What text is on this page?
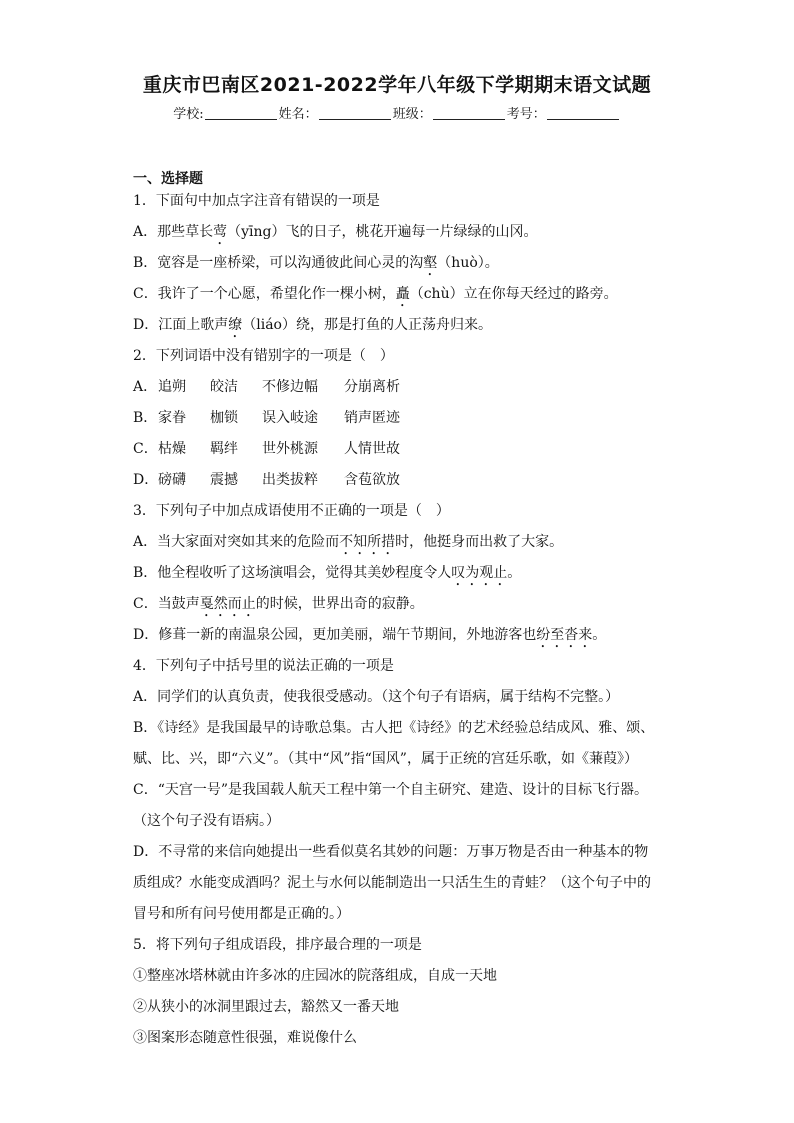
重庆市巴南区2021-2022学年八年级下学期期末语文试题
学校:	姓名：	班级：	考号：
一、选择题
1．下面句中加点字注音有错误的一项是
A．那些草长莺（yīng）飞的日子，桃花开遍每一片绿绿的山冈。
B．宽容是一座桥梁，可以沟通彼此间心灵的沟壑（huò）。
C．我许了一个心愿，希望化作一棵小树，矗（chù）立在你每天经过的路旁。
D．江面上歌声缭（liáo）绕，那是打鱼的人正荡舟归来。
2．下列词语中没有错别字的一项是（　）
A．追朔 皎洁 不修边幅 分崩离析
B．家眷 枷锁 误入岐途 销声匿迹
C．枯燥 羁绊 世外桃源 人情世故
D．磅礴 震撼 出类拔粹 含苞欲放
3．下列句子中加点成语使用不正确的一项是（　）
A．当大家面对突如其来的危险而不知所措时，他挺身而出救了大家。
B．他全程收听了这场演唱会，觉得其美妙程度令人叹为观止。
C．当鼓声戛然而止的时候，世界出奇的寂静。
D．修葺一新的南温泉公园，更加美丽，端午节期间，外地游客也纷至沓来。
4．下列句子中括号里的说法正确的一项是
A．同学们的认真负责，使我很受感动。（这个句子有语病，属于结构不完整。）
B．《诗经》是我国最早的诗歌总集。古人把《诗经》的艺术经验总结成风、雅、颂、
赋、比、兴，即“六义”。（其中“风”指“国风”，属于正统的宫廷乐歌，如《蒹葭》）
C．“天宫一号”是我国载人航天工程中第一个自主研究、建造、设计的目标飞行器。
（这个句子没有语病。）
D．不寻常的来信向她提出一些看似莫名其妙的问题：万事万物是否由一种基本的物
质组成？水能变成酒吗？泥土与水何以能制造出一只活生生的青蛙？（这个句子中的
冒号和所有问号使用都是正确的。）
5．将下列句子组成语段，排序最合理的一项是
①整座冰塔林就由许多冰的庄园冰的院落组成，自成一天地
②从狭小的冰洞里跟过去，豁然又一番天地
③图案形态随意性很强，难说像什么
